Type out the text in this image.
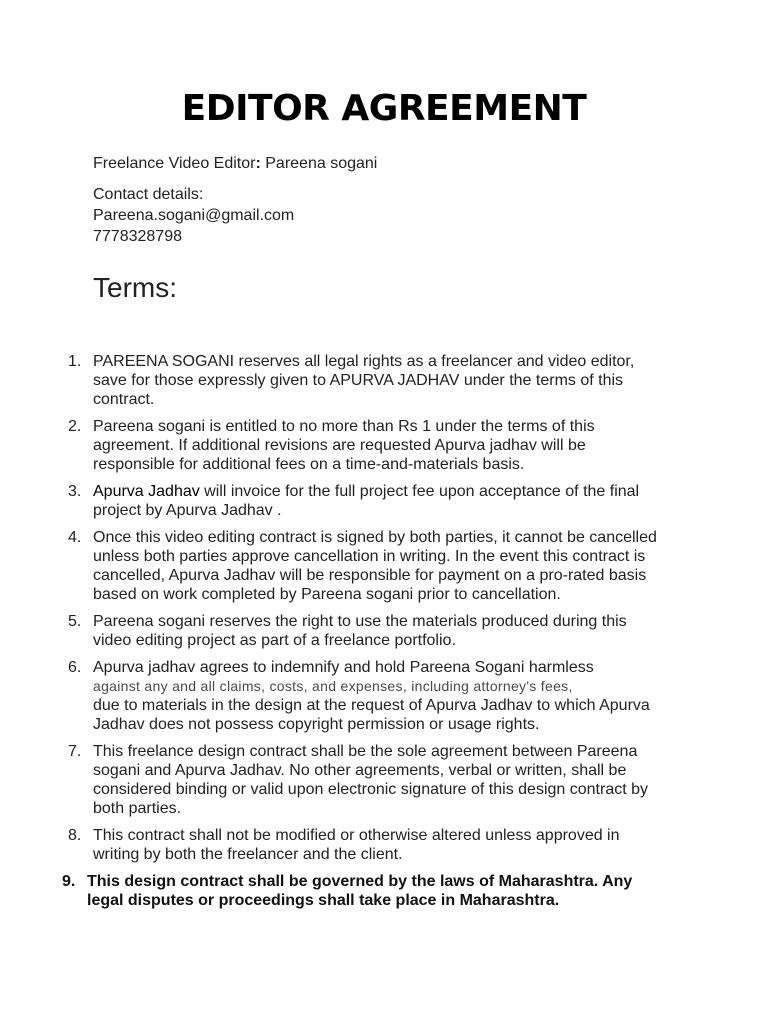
EDITOR AGREEMENT
Freelance Video Editor: Pareena sogani
Contact details:
Pareena.sogani@gmail.com
7778328798
Terms:
1. PAREENA SOGANI reserves all legal rights as a freelancer and video editor, save for those expressly given to APURVA JADHAV under the terms of this contract.
2. Pareena sogani is entitled to no more than Rs 1 under the terms of this agreement. If additional revisions are requested Apurva jadhav will be responsible for additional fees on a time-and-materials basis.
3. Apurva Jadhav will invoice for the full project fee upon acceptance of the final project by Apurva Jadhav .
4. Once this video editing contract is signed by both parties, it cannot be cancelled unless both parties approve cancellation in writing. In the event this contract is cancelled, Apurva Jadhav will be responsible for payment on a pro-rated basis based on work completed by Pareena sogani prior to cancellation.
5. Pareena sogani reserves the right to use the materials produced during this video editing project as part of a freelance portfolio.
6. Apurva jadhav agrees to indemnify and hold Pareena Sogani harmless
against any and all claims, costs, and expenses, including attorney's fees,
due to materials in the design at the request of Apurva Jadhav to which Apurva Jadhav does not possess copyright permission or usage rights.
7. This freelance design contract shall be the sole agreement between Pareena sogani and Apurva Jadhav. No other agreements, verbal or written, shall be considered binding or valid upon electronic signature of this design contract by both parties.
8. This contract shall not be modified or otherwise altered unless approved in writing by both the freelancer and the client.
9. This design contract shall be governed by the laws of Maharashtra. Any legal disputes or proceedings shall take place in Maharashtra.
